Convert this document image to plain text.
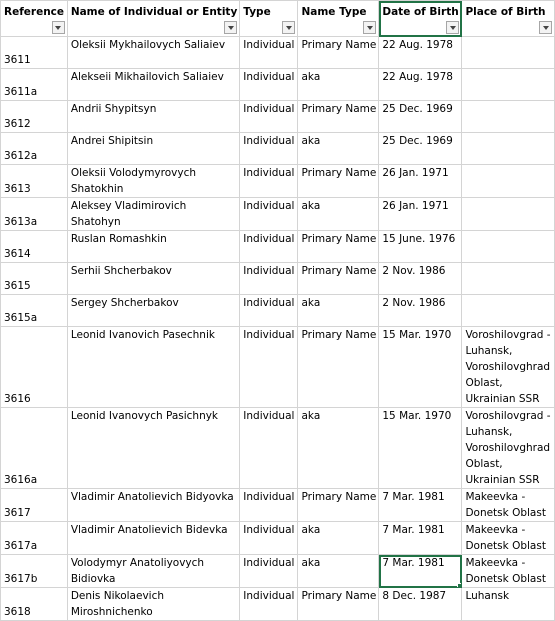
Reference	Name of Individual or Entity	Type	Name Type	Date of Birth	Place of Birth

3611	Oleksii Mykhailovych Saliaiev	Individual	Primary Name	22 Aug. 1978	
3611a	Alekseii Mikhailovich Saliaiev	Individual	aka	22 Aug. 1978	
3612	Andrii Shypitsyn	Individual	Primary Name	25 Dec. 1969	
3612a	Andrei Shipitsin	Individual	aka	25 Dec. 1969	
3613	Oleksii Volodymyrovych Shatokhin	Individual	Primary Name	26 Jan. 1971	
3613a	Aleksey Vladimirovich Shatohyn	Individual	aka	26 Jan. 1971	
3614	Ruslan Romashkin	Individual	Primary Name	15 June. 1976	
3615	Serhii Shcherbakov	Individual	Primary Name	2 Nov. 1986	
3615a	Sergey Shcherbakov	Individual	aka	2 Nov. 1986	
3616	Leonid Ivanovich Pasechnik	Individual	Primary Name	15 Mar. 1970	Voroshilovgrad - Luhansk, Voroshilovghrad Oblast, Ukrainian SSR
3616a	Leonid Ivanovych Pasichnyk	Individual	aka	15 Mar. 1970	Voroshilovgrad - Luhansk, Voroshilovghrad Oblast, Ukrainian SSR
3617	Vladimir Anatolievich Bidyovka	Individual	Primary Name	7 Mar. 1981	Makeevka - Donetsk Oblast
3617a	Vladimir Anatolievich Bidevka	Individual	aka	7 Mar. 1981	Makeevka - Donetsk Oblast
3617b	Volodymyr Anatoliyovych Bidiovka	Individual	aka	7 Mar. 1981	Makeevka - Donetsk Oblast
3618	Denis Nikolaevich Miroshnichenko	Individual	Primary Name	8 Dec. 1987	Luhansk
